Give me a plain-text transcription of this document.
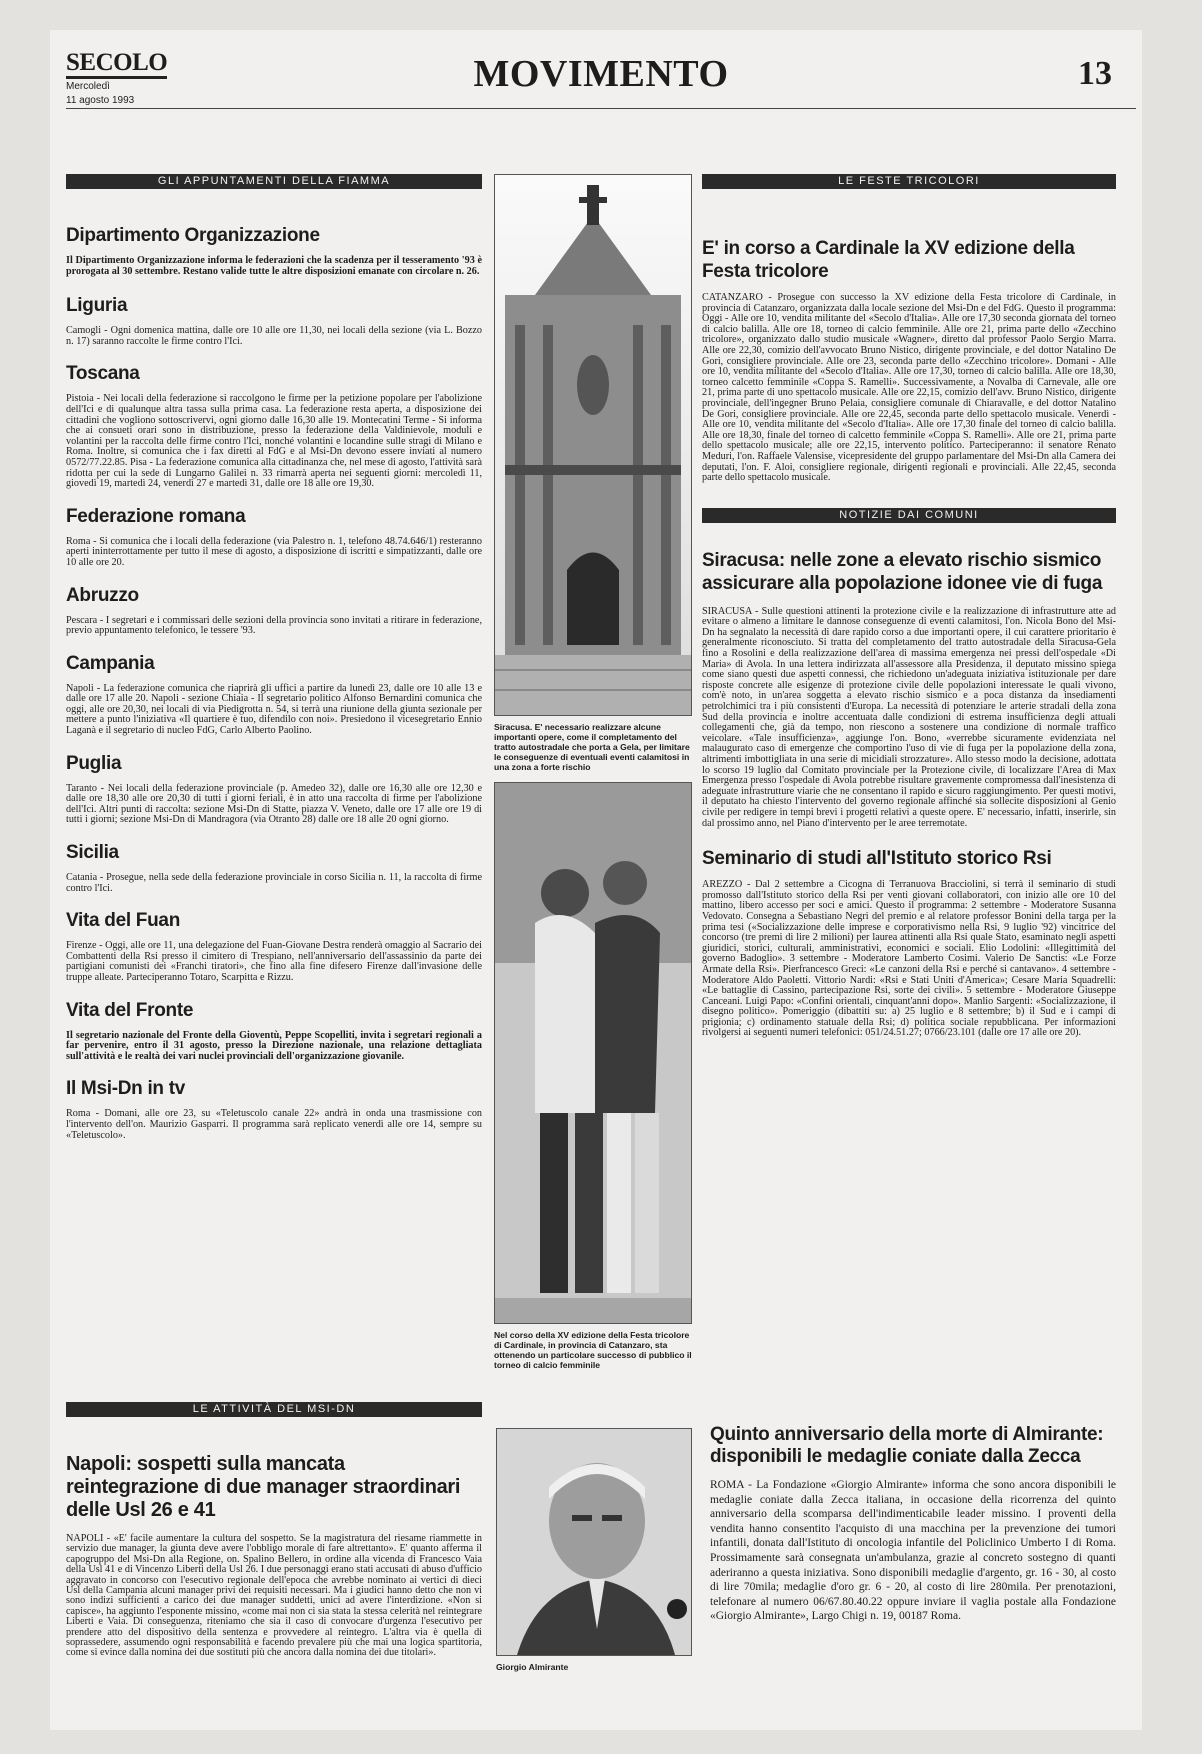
SECOLO
Mercoledì
11 agosto 1993
MOVIMENTO	13
GLI APPUNTAMENTI DELLA FIAMMA
Dipartimento Organizzazione

Il Dipartimento Organizzazione informa le federazioni che la scadenza per il tesseramento '93 è prorogata al 30 settembre. Restano valide tutte le altre disposizioni emanate con circolare n. 26.

Liguria

Camogli - Ogni domenica mattina, dalle ore 10 alle ore 11,30, nei locali della sezione (via L. Bozzo n. 17) saranno raccolte le firme contro l'Ici.

Toscana

Pistoia - Nei locali della federazione si raccolgono le firme per la petizione popolare per l'abolizione dell'Ici e di qualunque altra tassa sulla prima casa. La federazione resta aperta, a disposizione dei cittadini che vogliono sottoscrivervi, ogni giorno dalle 16,30 alle 19. Montecatini Terme - Si informa che ai consueti orari sono in distribuzione, presso la federazione della Valdinievole, moduli e volantini per la raccolta delle firme contro l'Ici, nonché volantini e locandine sulle stragi di Milano e Roma. Inoltre, si comunica che i fax diretti al FdG e al Msi-Dn devono essere inviati al numero 0572/77.22.85. Pisa - La federazione comunica alla cittadinanza che, nel mese di agosto, l'attività sarà ridotta per cui la sede di Lungarno Galilei n. 33 rimarrà aperta nei seguenti giorni: mercoledì 11, giovedì 19, martedì 24, venerdì 27 e martedì 31, dalle ore 18 alle ore 19,30.

Federazione romana

Roma - Si comunica che i locali della federazione (via Palestro n. 1, telefono 48.74.646/1) resteranno aperti ininterrottamente per tutto il mese di agosto, a disposizione di iscritti e simpatizzanti, dalle ore 10 alle ore 20.

Abruzzo

Pescara - I segretari e i commissari delle sezioni della provincia sono invitati a ritirare in federazione, previo appuntamento telefonico, le tessere '93.

Campania

Napoli - La federazione comunica che riaprirà gli uffici a partire da lunedì 23, dalle ore 10 alle 13 e dalle ore 17 alle 20. Napoli - sezione Chiaia - Il segretario politico Alfonso Bernardini comunica che oggi, alle ore 20,30, nei locali di via Piedigrotta n. 54, si terrà una riunione della giunta sezionale per mettere a punto l'iniziativa «Il quartiere è tuo, difendilo con noi». Presiedono il vicesegretario Ennio Laganà e il segretario di nucleo FdG, Carlo Alberto Paolino.

Puglia

Taranto - Nei locali della federazione provinciale (p. Amedeo 32), dalle ore 16,30 alle ore 12,30 e dalle ore 18,30 alle ore 20,30 di tutti i giorni feriali, è in atto una raccolta di firme per l'abolizione dell'Ici. Altri punti di raccolta: sezione Msi-Dn di Statte, piazza V. Veneto, dalle ore 17 alle ore 19 di tutti i giorni; sezione Msi-Dn di Mandragora (via Otranto 28) dalle ore 18 alle 20 ogni giorno.

Sicilia

Catania - Prosegue, nella sede della federazione provinciale in corso Sicilia n. 11, la raccolta di firme contro l'Ici.

Vita del Fuan

Firenze - Oggi, alle ore 11, una delegazione del Fuan-Giovane Destra renderà omaggio al Sacrario dei Combattenti della Rsi presso il cimitero di Trespiano, nell'anniversario dell'assassinio da parte dei partigiani comunisti dei «Franchi tiratori», che fino alla fine difesero Firenze dall'invasione delle truppe alleate. Parteciperanno Totaro, Scarpitta e Rizzu.

Vita del Fronte

Il segretario nazionale del Fronte della Gioventù, Peppe Scopelliti, invita i segretari regionali a far pervenire, entro il 31 agosto, presso la Direzione nazionale, una relazione dettagliata sull'attività e le realtà dei vari nuclei provinciali dell'organizzazione giovanile.

Il Msi-Dn in tv

Roma - Domani, alle ore 23, su «Teletuscolo canale 22» andrà in onda una trasmissione con l'intervento dell'on. Maurizio Gasparri. Il programma sarà replicato venerdì alle ore 14, sempre su «Teletuscolo».

LE ATTIVITÀ DEL MSI-DN
Napoli: sospetti sulla mancata reintegrazione di due manager straordinari delle Usl 26 e 41

NAPOLI - «E' facile aumentare la cultura del sospetto. Se la magistratura del riesame riammette in servizio due manager, la giunta deve avere l'obbligo morale di fare altrettanto». E' quanto afferma il capogruppo del Msi-Dn alla Regione, on. Spalino Bellero, in ordine alla vicenda di Francesco Vaia della Usl 41 e di Vincenzo Liberti della Usl 26. I due personaggi erano stati accusati di abuso d'ufficio aggravato in concorso con l'esecutivo regionale dell'epoca che avrebbe nominato ai vertici di dieci Usl della Campania alcuni manager privi dei requisiti necessari. Ma i giudici hanno detto che non vi sono indizi sufficienti a carico dei due manager suddetti, unici ad avere l'interdizione. «Non si capisce», ha aggiunto l'esponente missino, «come mai non ci sia stata la stessa celerità nel reintegrare Liberti e Vaia. Di conseguenza, riteniamo che sia il caso di convocare d'urgenza l'esecutivo per prendere atto del dispositivo della sentenza e provvedere al reintegro. L'altra via è quella di soprassedere, assumendo ogni responsabilità e facendo prevalere più che mai una logica spartitoria, come si evince dalla nomina dei due sostituti più che ancora dalla nomina dei due titolari».

Siracusa. E' necessario realizzare alcune importanti opere, come il completamento del tratto autostradale che porta a Gela, per limitare le conseguenze di eventuali eventi calamitosi in una zona a forte rischio
Nel corso della XV edizione della Festa tricolore di Cardinale, in provincia di Catanzaro, sta ottenendo un particolare successo di pubblico il torneo di calcio femminile
Giorgio Almirante
LE FESTE TRICOLORI
E' in corso a Cardinale la XV edizione della Festa tricolore

CATANZARO - Prosegue con successo la XV edizione della Festa tricolore di Cardinale, in provincia di Catanzaro, organizzata dalla locale sezione del Msi-Dn e del FdG. Questo il programma: Oggi - Alle ore 10, vendita militante del «Secolo d'Italia». Alle ore 17,30 seconda giornata del torneo di calcio balilla. Alle ore 18, torneo di calcio femminile. Alle ore 21, prima parte dello «Zecchino tricolore», organizzato dallo studio musicale «Wagner», diretto dal professor Paolo Sergio Marra. Alle ore 22,30, comizio dell'avvocato Bruno Nistico, dirigente provinciale, e del dottor Natalino De Gori, consigliere provinciale. Alle ore 23, seconda parte dello «Zecchino tricolore». Domani - Alle ore 10, vendita militante del «Secolo d'Italia». Alle ore 17,30, torneo di calcio balilla. Alle ore 18,30, torneo calcetto femminile «Coppa S. Ramelli». Successivamente, a Novalba di Carnevale, alle ore 21, prima parte di uno spettacolo musicale. Alle ore 22,15, comizio dell'avv. Bruno Nistico, dirigente provinciale, dell'ingegner Bruno Pelaia, consigliere comunale di Chiaravalle, e del dottor Natalino De Gori, consigliere provinciale. Alle ore 22,45, seconda parte dello spettacolo musicale. Venerdì - Alle ore 10, vendita militante del «Secolo d'Italia». Alle ore 17,30 finale del torneo di calcio balilla. Alle ore 18,30, finale del torneo di calcetto femminile «Coppa S. Ramelli». Alle ore 21, prima parte dello spettacolo musicale; alle ore 22,15, intervento politico. Parteciperanno: il senatore Renato Meduri, l'on. Raffaele Valensise, vicepresidente del gruppo parlamentare del Msi-Dn alla Camera dei deputati, l'on. F. Aloi, consigliere regionale, dirigenti regionali e provinciali. Alle 22,45, seconda parte dello spettacolo musicale.

NOTIZIE DAI COMUNI
Siracusa: nelle zone a elevato rischio sismico assicurare alla popolazione idonee vie di fuga

SIRACUSA - Sulle questioni attinenti la protezione civile e la realizzazione di infrastrutture atte ad evitare o almeno a limitare le dannose conseguenze di eventi calamitosi, l'on. Nicola Bono del Msi-Dn ha segnalato la necessità di dare rapido corso a due importanti opere, il cui carattere prioritario è generalmente riconosciuto. Si tratta del completamento del tratto autostradale della Siracusa-Gela fino a Rosolini e della realizzazione dell'area di massima emergenza nei pressi dell'ospedale «Di Maria» di Avola. In una lettera indirizzata all'assessore alla Presidenza, il deputato missino spiega come siano questi due aspetti connessi, che richiedono un'adeguata iniziativa istituzionale per dare risposte concrete alle esigenze di protezione civile delle popolazioni interessate le quali vivono, com'è noto, in un'area soggetta a elevato rischio sismico e a poca distanza da insediamenti petrolchimici tra i più consistenti d'Europa. La necessità di potenziare le arterie stradali della zona Sud della provincia e inoltre accentuata dalle condizioni di estrema insufficienza degli attuali collegamenti che, già da tempo, non riescono a sostenere una condizione di normale traffico veicolare. «Tale insufficienza», aggiunge l'on. Bono, «verrebbe sicuramente evidenziata nel malaugurato caso di emergenze che comportino l'uso di vie di fuga per la popolazione della zona, altrimenti imbottigliata in una serie di micidiali strozzature». Allo stesso modo la decisione, adottata lo scorso 19 luglio dal Comitato provinciale per la Protezione civile, di localizzare l'Area di Max Emergenza presso l'ospedale di Avola potrebbe risultare gravemente compromessa dall'inesistenza di adeguate infrastrutture viarie che ne consentano il rapido e sicuro raggiungimento. Per questi motivi, il deputato ha chiesto l'intervento del governo regionale affinché sia sollecite disposizioni al Genio civile per redigere in tempi brevi i progetti relativi a queste opere. E' necessario, infatti, inserirle, sin dal prossimo anno, nel Piano d'intervento per le aree terremotate.

Seminario di studi all'Istituto storico Rsi

AREZZO - Dal 2 settembre a Cicogna di Terranuova Bracciolini, si terrà il seminario di studi promosso dall'Istituto storico della Rsi per venti giovani collaboratori, con inizio alle ore 10 del mattino, libero accesso per soci e amici. Questo il programma: 2 settembre - Moderatore Susanna Vedovato. Consegna a Sebastiano Negri del premio e al relatore professor Bonini della targa per la prima tesi («Socializzazione delle imprese e corporativismo nella Rsi, 9 luglio '92) vincitrice del concorso (tre premi di lire 2 milioni) per laurea attinenti alla Rsi quale Stato, esaminato negli aspetti giuridici, storici, culturali, amministrativi, economici e sociali. Elio Lodolini: «Illegittimità del governo Badoglio». 3 settembre - Moderatore Lamberto Cosimi. Valerio De Sanctis: «Le Forze Armate della Rsi». Pierfrancesco Greci: «Le canzoni della Rsi e perché si cantavano». 4 settembre - Moderatore Aldo Paoletti. Vittorio Nardi: «Rsi e Stati Uniti d'America»; Cesare Maria Squadrelli: «Le battaglie di Cassino, partecipazione Rsi, sorte dei civili». 5 settembre - Moderatore Giuseppe Canceani. Luigi Papo: «Confini orientali, cinquant'anni dopo». Manlio Sargenti: «Socializzazione, il disegno politico». Pomeriggio (dibattiti su: a) 25 luglio e 8 settembre; b) il Sud e i campi di prigionia; c) ordinamento statuale della Rsi; d) politica sociale repubblicana. Per informazioni rivolgersi ai seguenti numeri telefonici: 051/24.51.27; 0766/23.101 (dalle ore 17 alle ore 20).

Quinto anniversario della morte di Almirante: disponibili le medaglie coniate dalla Zecca

ROMA - La Fondazione «Giorgio Almirante» informa che sono ancora disponibili le medaglie coniate dalla Zecca italiana, in occasione della ricorrenza del quinto anniversario della scomparsa dell'indimenticabile leader missino. I proventi della vendita hanno consentito l'acquisto di una macchina per la prevenzione dei tumori infantili, donata dall'Istituto di oncologia infantile del Policlinico Umberto I di Roma. Prossimamente sarà consegnata un'ambulanza, grazie al concreto sostegno di quanti aderiranno a questa iniziativa. Sono disponibili medaglie d'argento, gr. 16 - 30, al costo di lire 70mila; medaglie d'oro gr. 6 - 20, al costo di lire 280mila. Per prenotazioni, telefonare al numero 06/67.80.40.22 oppure inviare il vaglia postale alla Fondazione «Giorgio Almirante», Largo Chigi n. 19, 00187 Roma.
